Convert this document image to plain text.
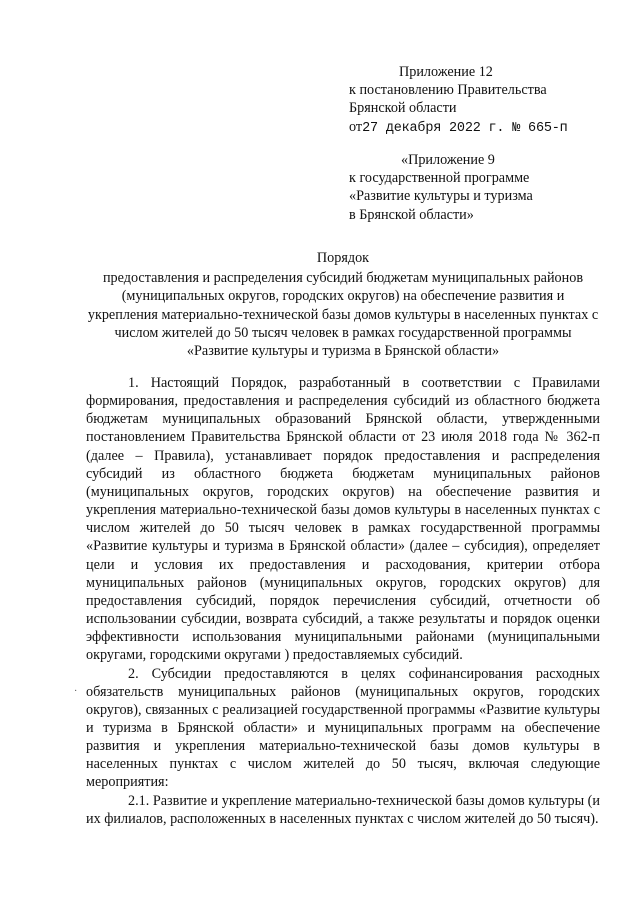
Приложение 12

к постановлению Правительства

Брянской области

от27 декабря 2022 г. № 665-п

«Приложение 9

к государственной программе

«Развитие культуры и туризма

в Брянской области»

Порядок

предоставления и распределения субсидий бюджетам муниципальных районов (муниципальных округов, городских округов) на обеспечение развития и укрепления материально-технической базы домов культуры в населенных пунктах с числом жителей до 50 тысяч человек в рамках государственной программы «Развитие культуры и туризма в Брянской области»

1. Настоящий Порядок, разработанный в соответствии с Правилами формирования, предоставления и распределения субсидий из областного бюджета бюджетам муниципальных образований Брянской области, утвержденными постановлением Правительства Брянской области от 23 июля 2018 года № 362-п (далее – Правила), устанавливает порядок предоставления и распределения субсидий из областного бюджета бюджетам муниципальных районов (муниципальных округов, городских округов) на обеспечение развития и укрепления материально-технической базы домов культуры в населенных пунктах с числом жителей до 50 тысяч человек в рамках государственной программы «Развитие культуры и туризма в Брянской области» (далее – субсидия), определяет цели и условия их предоставления и расходования, критерии отбора муниципальных районов (муниципальных округов, городских округов) для предоставления субсидий, порядок перечисления субсидий, отчетности об использовании субсидии, возврата субсидий, а также результаты и порядок оценки эффективности использования муниципальными районами (муниципальными округами, городскими округами ) предоставляемых субсидий.

2. Субсидии предоставляются в целях софинансирования расходных обязательств муниципальных районов (муниципальных округов, городских округов), связанных с реализацией государственной программы «Развитие культуры и туризма в Брянской области» и муниципальных программ на обеспечение развития и укрепления материально-технической базы домов культуры в населенных пунктах с числом жителей до 50 тысяч, включая следующие мероприятия:

2.1. Развитие и укрепление материально-технической базы домов культуры (и их филиалов, расположенных в населенных пунктах с числом жителей до 50 тысяч).

·
